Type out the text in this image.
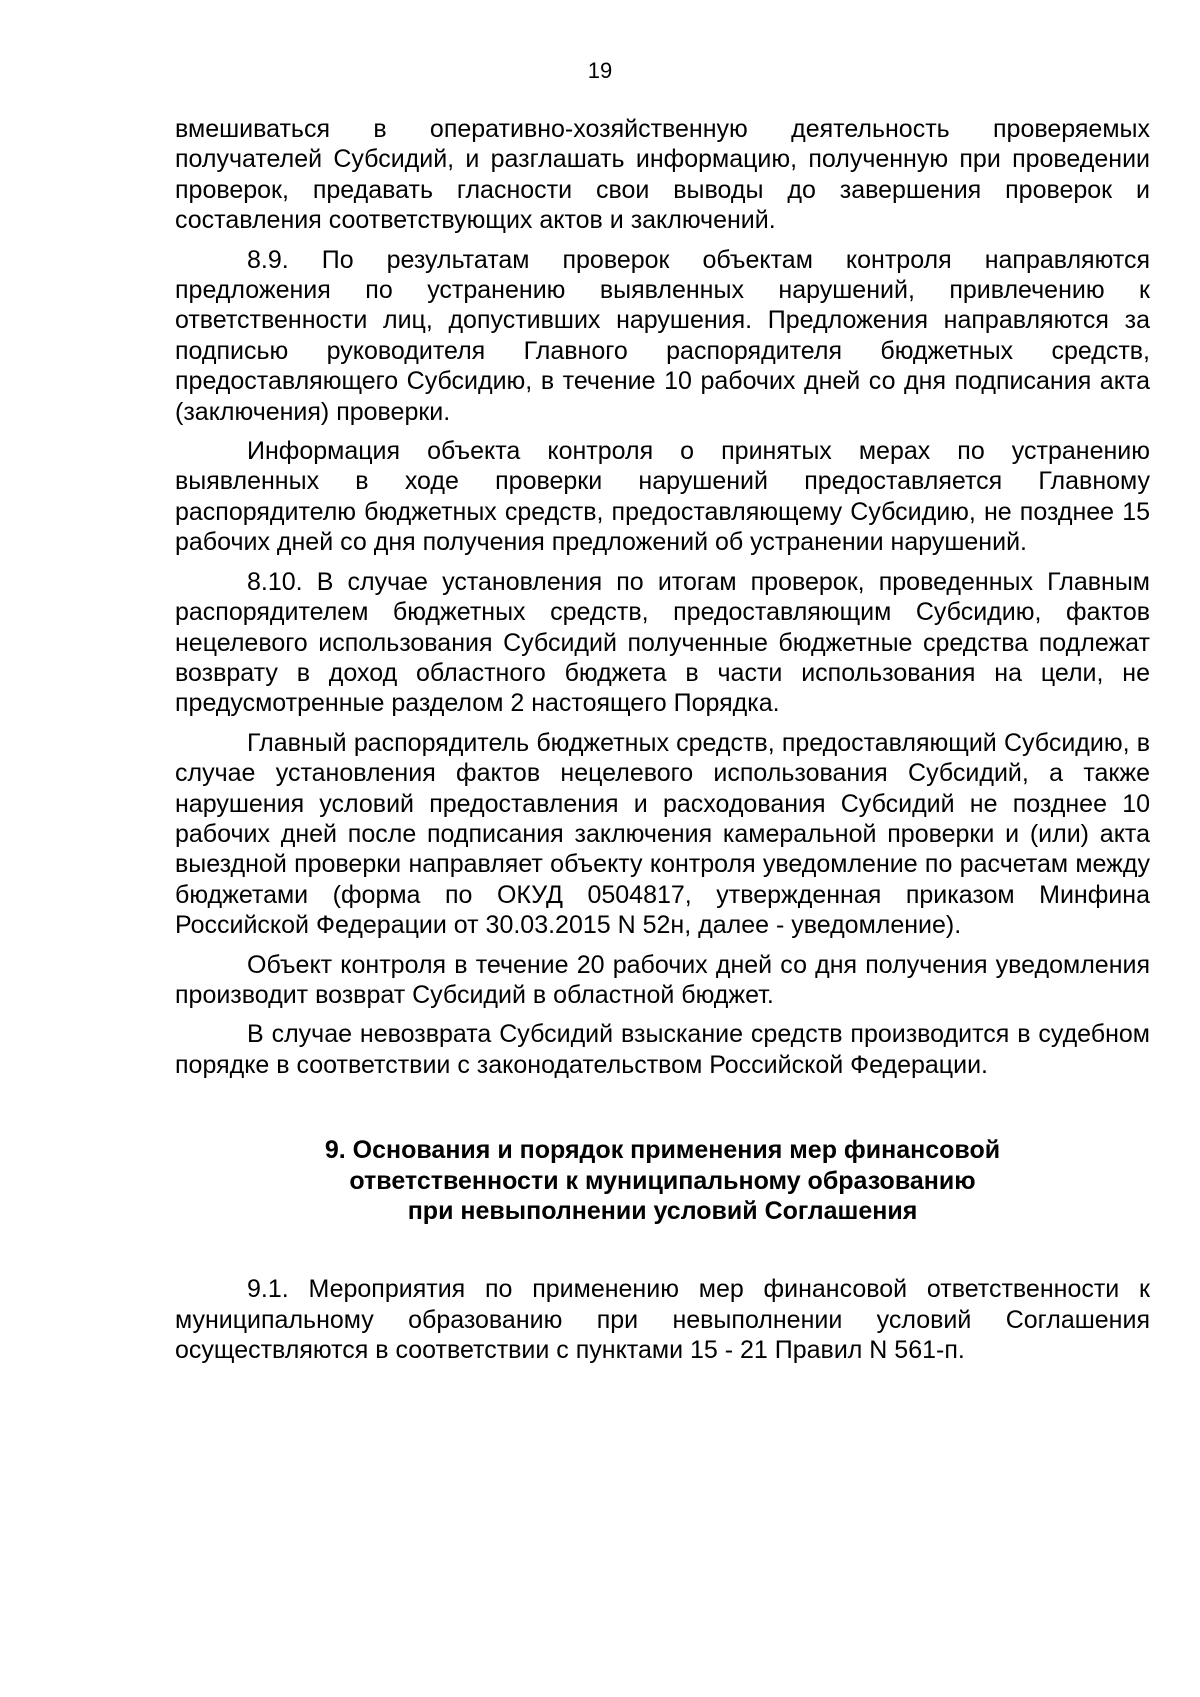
19

вмешиваться в оперативно-хозяйственную деятельность проверяемых получателей Субсидий, и разглашать информацию, полученную при проведении проверок, предавать гласности свои выводы до завершения проверок и составления соответствующих актов и заключений.

8.9. По результатам проверок объектам контроля направляются предложения по устранению выявленных нарушений, привлечению к ответственности лиц, допустивших нарушения. Предложения направляются за подписью руководителя Главного распорядителя бюджетных средств, предоставляющего Субсидию, в течение 10 рабочих дней со дня подписания акта (заключения) проверки.

Информация объекта контроля о принятых мерах по устранению выявленных в ходе проверки нарушений предоставляется Главному распорядителю бюджетных средств, предоставляющему Субсидию, не позднее 15 рабочих дней со дня получения предложений об устранении нарушений.

8.10. В случае установления по итогам проверок, проведенных Главным распорядителем бюджетных средств, предоставляющим Субсидию, фактов нецелевого использования Субсидий полученные бюджетные средства подлежат возврату в доход областного бюджета в части использования на цели, не предусмотренные разделом 2 настоящего Порядка.

Главный распорядитель бюджетных средств, предоставляющий Субсидию, в случае установления фактов нецелевого использования Субсидий, а также нарушения условий предоставления и расходования Субсидий не позднее 10 рабочих дней после подписания заключения камеральной проверки и (или) акта выездной проверки направляет объекту контроля уведомление по расчетам между бюджетами (форма по ОКУД 0504817, утвержденная приказом Минфина Российской Федерации от 30.03.2015 N 52н, далее - уведомление).

Объект контроля в течение 20 рабочих дней со дня получения уведомления производит возврат Субсидий в областной бюджет.

В случае невозврата Субсидий взыскание средств производится в судебном порядке в соответствии с законодательством Российской Федерации.

9. Основания и порядок применения мер финансовой
ответственности к муниципальному образованию
при невыполнении условий Соглашения

9.1. Мероприятия по применению мер финансовой ответственности к муниципальному образованию при невыполнении условий Соглашения осуществляются в соответствии с пунктами 15 - 21 Правил N 561-п.
